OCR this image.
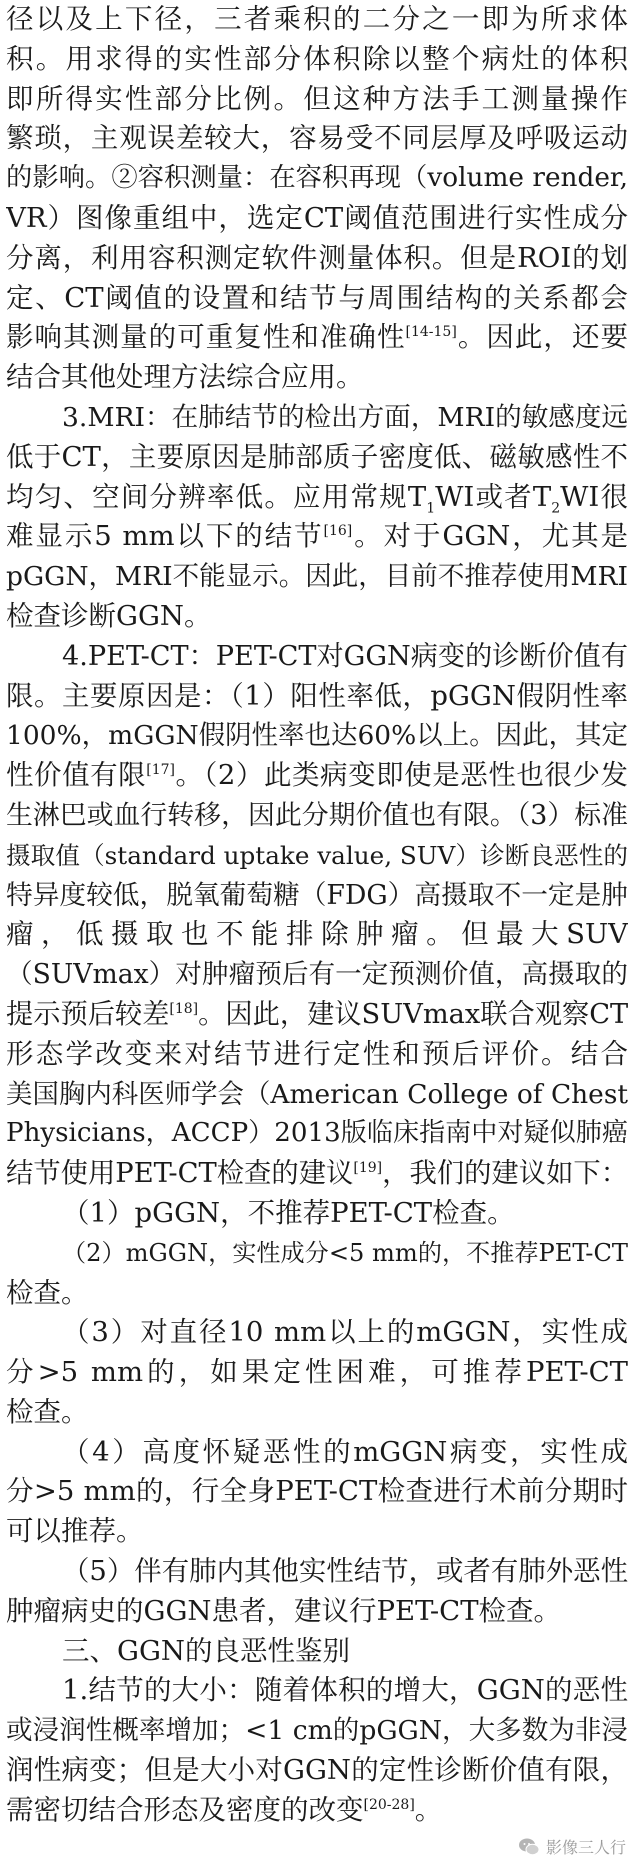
径以及上下径，三者乘积的二分之一即为所求体
积。用求得的实性部分体积除以整个病灶的体积
即所得实性部分比例。但这种方法手工测量操作
繁琐，主观误差较大，容易受不同层厚及呼吸运动
的影响。②容积测量：在容积再现（volume render,
VR）图像重组中，选定CT阈值范围进行实性成分
分离，利用容积测定软件测量体积。但是ROI的划
定、CT阈值的设置和结节与周围结构的关系都会
影响其测量的可重复性和准确性[14-15]。因此，还要
结合其他处理方法综合应用。
3.MRI：在肺结节的检出方面，MRI的敏感度远
低于CT，主要原因是肺部质子密度低、磁敏感性不
均匀、空间分辨率低。应用常规$T_1WI$或者$T_2WI$很
难显示5 mm以下的结节[16]。对于GGN，尤其是
pGGN，MRI不能显示。因此，目前不推荐使用MRI
检查诊断GGN。
4.PET-CT：PET-CT对GGN病变的诊断价值有
限。主要原因是：（1）阳性率低，pGGN假阴性率
100%，mGGN假阴性率也达60%以上。因此，其定
性价值有限[17]。（2）此类病变即使是恶性也很少发
生淋巴或血行转移，因此分期价值也有限。（3）标准
摄取值（standard uptake value, SUV）诊断良恶性的
特异度较低，脱氧葡萄糖（FDG）高摄取不一定是肿
瘤，低摄取也不能排除肿瘤。但最大SUV
（SUVmax）对肿瘤预后有一定预测价值，高摄取的
提示预后较差[18]。因此，建议SUVmax联合观察CT
形态学改变来对结节进行定性和预后评价。结合
美国胸内科医师学会（American College of Chest
Physicians，ACCP）2013版临床指南中对疑似肺癌
结节使用PET-CT检查的建议[19]，我们的建议如下：
（1）pGGN，不推荐PET-CT检查。
（2）mGGN，实性成分<5 mm的，不推荐PET-CT
检查。
（3）对直径10 mm以上的mGGN，实性成
分>5 mm的，如果定性困难，可推荐PET-CT
检查。
（4）高度怀疑恶性的mGGN病变，实性成
分>5 mm的，行全身PET-CT检查进行术前分期时
可以推荐。
（5）伴有肺内其他实性结节，或者有肺外恶性
肿瘤病史的GGN患者，建议行PET-CT检查。
三、GGN的良恶性鉴别
1.结节的大小：随着体积的增大，GGN的恶性
或浸润性概率增加；<1 cm的pGGN，大多数为非浸
润性病变；但是大小对GGN的定性诊断价值有限，
需密切结合形态及密度的改变[20-28]。
影像三人行
